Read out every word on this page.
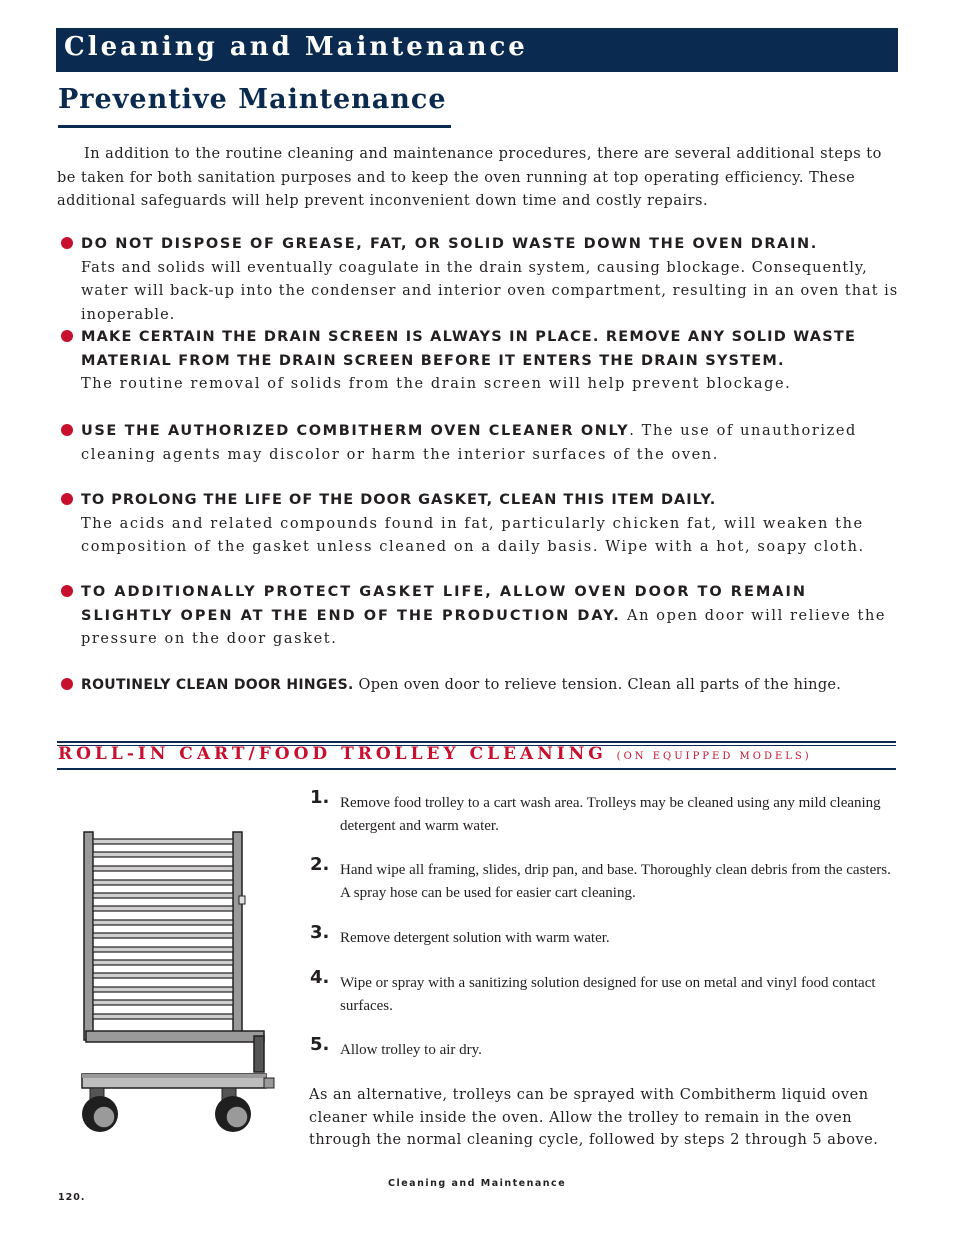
Cleaning and Maintenance
Preventive Maintenance
In addition to the routine cleaning and maintenance procedures, there are several additional steps to be taken for both sanitation purposes and to keep the oven running at top operating efficiency. These additional safeguards will help prevent inconvenient down time and costly repairs.
DO NOT DISPOSE OF GREASE, FAT, OR SOLID WASTE DOWN THE OVEN DRAIN.
Fats and solids will eventually coagulate in the drain system, causing blockage. Consequently, water will back-up into the condenser and interior oven compartment, resulting in an oven that is inoperable.
MAKE CERTAIN THE DRAIN SCREEN IS ALWAYS IN PLACE. REMOVE ANY SOLID WASTE MATERIAL FROM THE DRAIN SCREEN BEFORE IT ENTERS THE DRAIN SYSTEM.
The routine removal of solids from the drain screen will help prevent blockage.
USE THE AUTHORIZED COMBITHERM OVEN CLEANER ONLY. The use of unauthorized cleaning agents may discolor or harm the interior surfaces of the oven.
TO PROLONG THE LIFE OF THE DOOR GASKET, CLEAN THIS ITEM DAILY.
The acids and related compounds found in fat, particularly chicken fat, will weaken the composition of the gasket unless cleaned on a daily basis. Wipe with a hot, soapy cloth.
TO ADDITIONALLY PROTECT GASKET LIFE, ALLOW OVEN DOOR TO REMAIN SLIGHTLY OPEN AT THE END OF THE PRODUCTION DAY. An open door will relieve the pressure on the door gasket.
ROUTINELY CLEAN DOOR HINGES. Open oven door to relieve tension. Clean all parts of the hinge.
ROLL-IN CART/FOOD TROLLEY CLEANING (ON EQUIPPED MODELS)
1. Remove food trolley to a cart wash area. Trolleys may be cleaned using any mild cleaning detergent and warm water.
2. Hand wipe all framing, slides, drip pan, and base. Thoroughly clean debris from the casters. A spray hose can be used for easier cart cleaning.
3. Remove detergent solution with warm water.
4. Wipe or spray with a sanitizing solution designed for use on metal and vinyl food contact surfaces.
5. Allow trolley to air dry.
As an alternative, trolleys can be sprayed with Combitherm liquid oven cleaner while inside the oven. Allow the trolley to remain in the oven through the normal cleaning cycle, followed by steps 2 through 5 above.
Cleaning and Maintenance
120.
